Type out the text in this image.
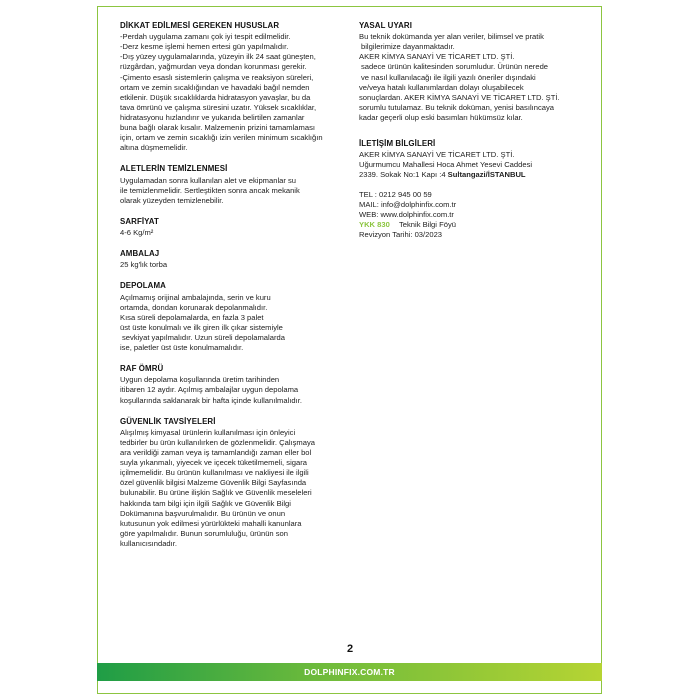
DİKKAT EDİLMESİ GEREKEN HUSUSLAR
-Perdah uygulama zamanı çok iyi tespit edilmelidir.
-Derz kesme işlemi hemen ertesi gün yapılmalıdır.
-Dış yüzey uygulamalarında, yüzeyin ilk 24 saat güneşten,
rüzgârdan, yağmurdan veya dondan korunması gerekir.
-Çimento esaslı sistemlerin çalışma ve reaksiyon süreleri,
ortam ve zemin sıcaklığından ve havadaki bağıl nemden
etkilenir. Düşük sıcaklıklarda hidratasyon yavaşlar, bu da
tava ömrünü ve çalışma süresini uzatır. Yüksek sıcaklıklar,
hidratasyonu hızlandırır ve yukarıda belirtilen zamanlar
buna bağlı olarak kısalır. Malzemenin prizini tamamlaması
için, ortam ve zemin sıcaklığı izin verilen minimum sıcaklığın
altına düşmemelidir.
ALETLERİN TEMİZLENMESİ
Uygulamadan sonra kullanılan alet ve ekipmanlar su
ile temizlenmelidir. Sertleştikten sonra ancak mekanik
olarak yüzeyden temizlenebilir.
SARFİYAT
4-6 Kg/m²
AMBALAJ
25 kg'lık torba
DEPOLAMA
Açılmamış orijinal ambalajında, serin ve kuru
ortamda, dondan korunarak depolanmalıdır.
Kısa süreli depolamalarda, en fazla 3 palet
üst üste konulmalı ve ilk giren ilk çıkar sistemiyle
sevkiyat yapılmalıdır. Uzun süreli depolamalarda
ise, paletler üst üste konulmamalıdır.
RAF ÖMRÜ
Uygun depolama koşullarında üretim tarihinden
itibaren 12 aydır. Açılmış ambalajlar uygun depolama
koşullarında saklanarak bir hafta içinde kullanılmalıdır.
GÜVENLİK TAVSİYELERİ
Alışılmış kimyasal ürünlerin kullanılması için önleyici
tedbirler bu ürün kullanılırken de gözlenmelidir. Çalışmaya
ara verildiği zaman veya iş tamamlandığı zaman eller bol
suyla yıkanmalı, yiyecek ve içecek tüketilmemeli, sigara
içilmemelidir. Bu ürünün kullanılması ve nakliyesi ile ilgili
özel güvenlik bilgisi Malzeme Güvenlik Bilgi Sayfasında
bulunabilir. Bu ürüne ilişkin Sağlık ve Güvenlik meseleleri
hakkında tam bilgi için ilgili Sağlık ve Güvenlik Bilgi
Dokümanına başvurulmalıdır. Bu ürünün ve onun
kutusunun yok edilmesi yürürlükteki mahalli kanunlara
göre yapılmalıdır. Bunun sorumluluğu, ürünün son
kullanıcısındadır.
YASAL UYARI
Bu teknik dokümanda yer alan veriler, bilimsel ve pratik
bilgilerimize dayanmaktadır.
AKER KİMYA SANAYİ VE TİCARET LTD. ŞTİ.
sadece ürünün kalitesinden sorumludur. Ürünün nerede
ve nasıl kullanılacağı ile ilgili yazılı öneriler dışındaki
ve/veya hatalı kullanımlardan dolayı oluşabilecek
sonuçlardan. AKER KİMYA SANAYİ VE TİCARET LTD. ŞTİ.
sorumlu tutulamaz. Bu teknik doküman, yenisi basılıncaya
kadar geçerli olup eski basımları hükümsüz kılar.
İLETİŞİM BİLGİLERİ
AKER KİMYA SANAYİ VE TİCARET LTD. ŞTİ.
Uğurmumcu Mahallesi Hoca Ahmet Yesevi Caddesi
2339. Sokak No:1 Kapı :4 Sultangazi/İSTANBUL
TEL : 0212 945 00 59
MAIL: info@dolphinfix.com.tr
WEB: www.dolphinfix.com.tr
YKK 830 Teknik Bilgi Föyü
Revizyon Tarihi: 03/2023
2
DOLPHINFIX.COM.TR
